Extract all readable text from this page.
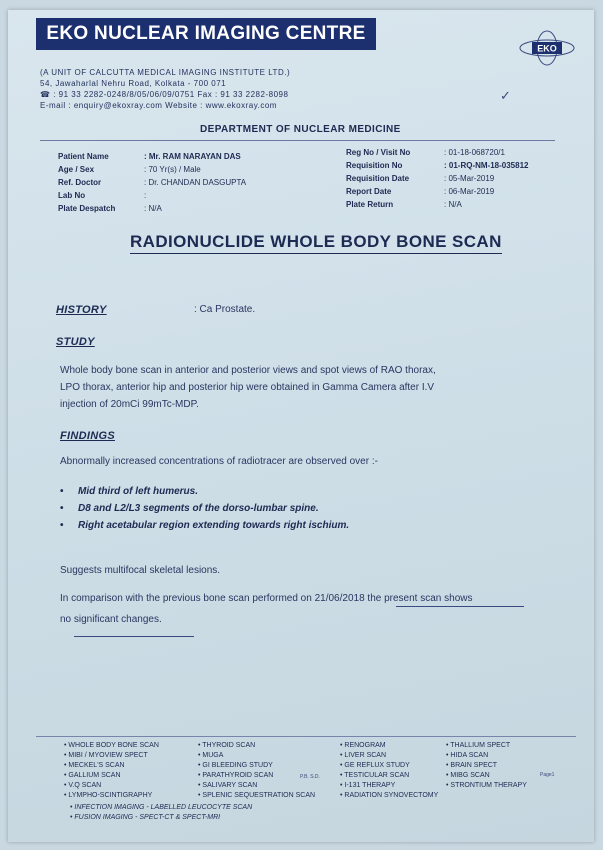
EKO NUCLEAR IMAGING CENTRE
EKO
(A UNIT OF CALCUTTA MEDICAL IMAGING INSTITUTE LTD.)
54, Jawaharlal Nehru Road, Kolkata - 700 071
☎ : 91 33 2282-0248/8/05/06/09/0751 Fax : 91 33 2282-8098
E-mail : enquiry@ekoxray.com Website : www.ekoxray.com
✓
DEPARTMENT OF NUCLEAR MEDICINE
Patient Name	: Mr. RAM NARAYAN DAS
Age / Sex	: 70 Yr(s) / Male
Ref. Doctor	: Dr. CHANDAN DASGUPTA
Lab No	:
Plate Despatch	: N/A
Reg No / Visit No	: 01-18-068720/1
Requisition No	: 01-RQ-NM-18-035812
Requisition Date	: 05-Mar-2019
Report Date	: 06-Mar-2019
Plate Return	: N/A
RADIONUCLIDE WHOLE BODY BONE SCAN
HISTORY	: Ca Prostate.
STUDY
Whole body bone scan in anterior and posterior views and spot views of RAO thorax,
LPO thorax, anterior hip and posterior hip were obtained in Gamma Camera after I.V
injection of 20mCi 99mTc-MDP.
FINDINGS
Abnormally increased concentrations of radiotracer are observed over :-
• Mid third of left humerus.
• D8 and L2/L3 segments of the dorso-lumbar spine.
• Right acetabular region extending towards right ischium.
Suggests multifocal skeletal lesions.
In comparison with the previous bone scan performed on 21/06/2018 the present scan shows
no significant changes.
• WHOLE BODY BONE SCAN
• MIBI / MYOVIEW SPECT
• MECKEL'S SCAN
• GALLIUM SCAN
• V.Q SCAN
• LYMPHO-SCINTIGRAPHY
• THYROID SCAN
• MUGA
• GI BLEEDING STUDY
• PARATHYROID SCAN
• SALIVARY SCAN
• SPLENIC SEQUESTRATION SCAN
• RENOGRAM
• LIVER SCAN
• GE REFLUX STUDY
• TESTICULAR SCAN
• I-131 THERAPY
• RADIATION SYNOVECTOMY
• THALLIUM SPECT
• HIDA SCAN
• BRAIN SPECT
• MIBG SCAN
• STRONTIUM THERAPY
• INFECTION IMAGING - LABELLED LEUCOCYTE SCAN
• FUSION IMAGING - SPECT-CT & SPECT-MRI
P.B. S.D.	Page1
